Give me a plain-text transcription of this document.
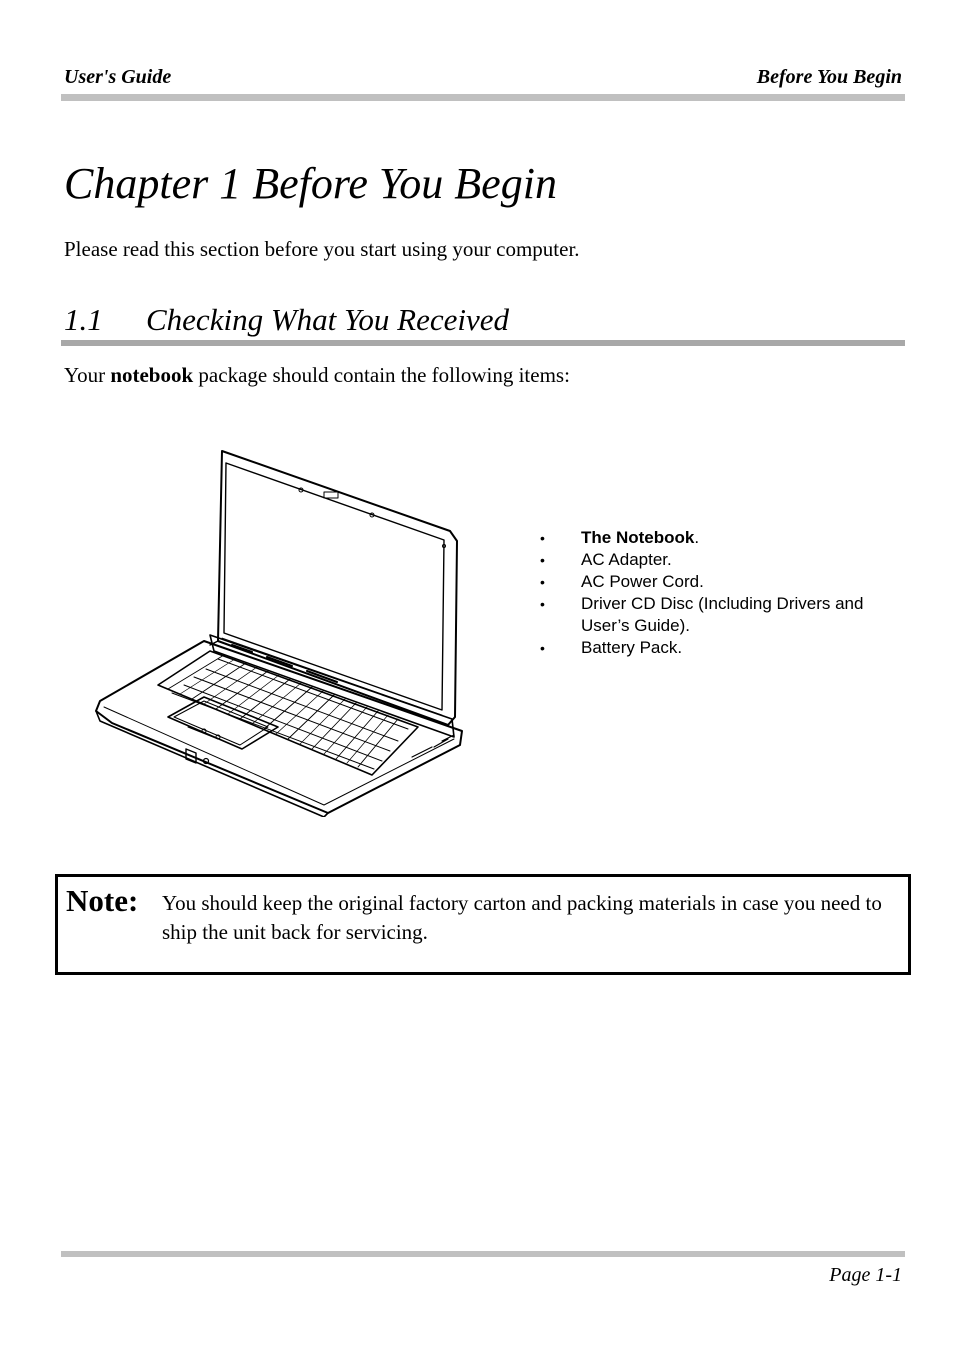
User's Guide	Before You Begin
Chapter 1 Before You Begin

Please read this section before you start using your computer.

1.1 Checking What You Received

Your notebook package should contain the following items:

• The Notebook.
• AC Adapter.
• AC Power Cord.
• Driver CD Disc (Including Drivers and User’s Guide).
• Battery Pack.
Note: You should keep the original factory carton and packing materials in case you need to ship the unit back for servicing.
Page 1-1
